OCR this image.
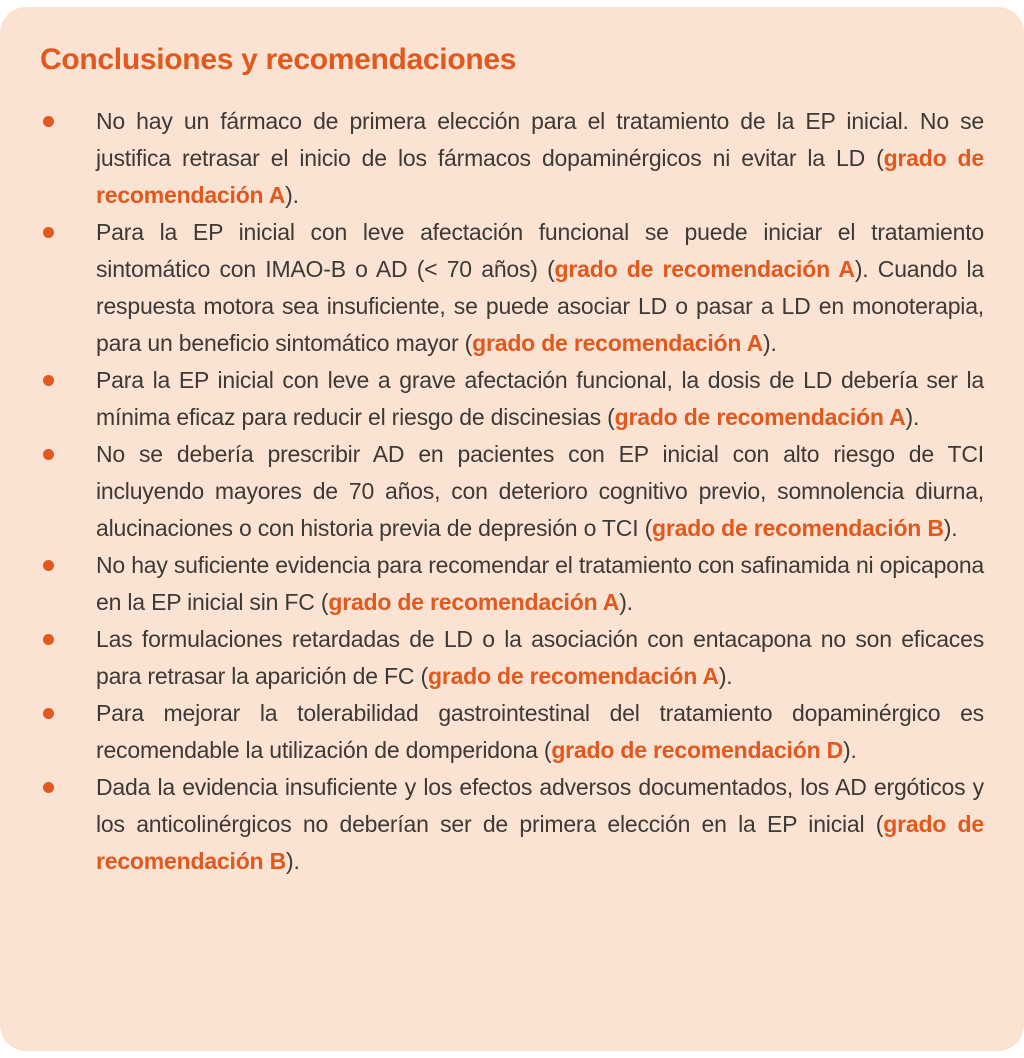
Conclusiones y recomendaciones
No hay un fármaco de primera elección para el tratamiento de la EP inicial. No se justifica retrasar el inicio de los fármacos dopaminérgicos ni evitar la LD (grado de recomendación A).
Para la EP inicial con leve afectación funcional se puede iniciar el tratamiento sintomático con IMAO-B o AD (< 70 años) (grado de recomendación A). Cuando la respuesta motora sea insuficiente, se puede asociar LD o pasar a LD en monoterapia, para un beneficio sintomático mayor (grado de recomendación A).
Para la EP inicial con leve a grave afectación funcional, la dosis de LD debería ser la mínima eficaz para reducir el riesgo de discinesias (grado de recomendación A).
No se debería prescribir AD en pacientes con EP inicial con alto riesgo de TCI incluyendo mayores de 70 años, con deterioro cognitivo previo, somnolencia diurna, alucinaciones o con historia previa de depresión o TCI (grado de recomendación B).
No hay suficiente evidencia para recomendar el tratamiento con safinamida ni opicapona en la EP inicial sin FC (grado de recomendación A).
Las formulaciones retardadas de LD o la asociación con entacapona no son eficaces para retrasar la aparición de FC (grado de recomendación A).
Para mejorar la tolerabilidad gastrointestinal del tratamiento dopaminérgico es recomendable la utilización de domperidona (grado de recomendación D).
Dada la evidencia insuficiente y los efectos adversos documentados, los AD ergóticos y los anticolinérgicos no deberían ser de primera elección en la EP inicial (grado de recomendación B).
